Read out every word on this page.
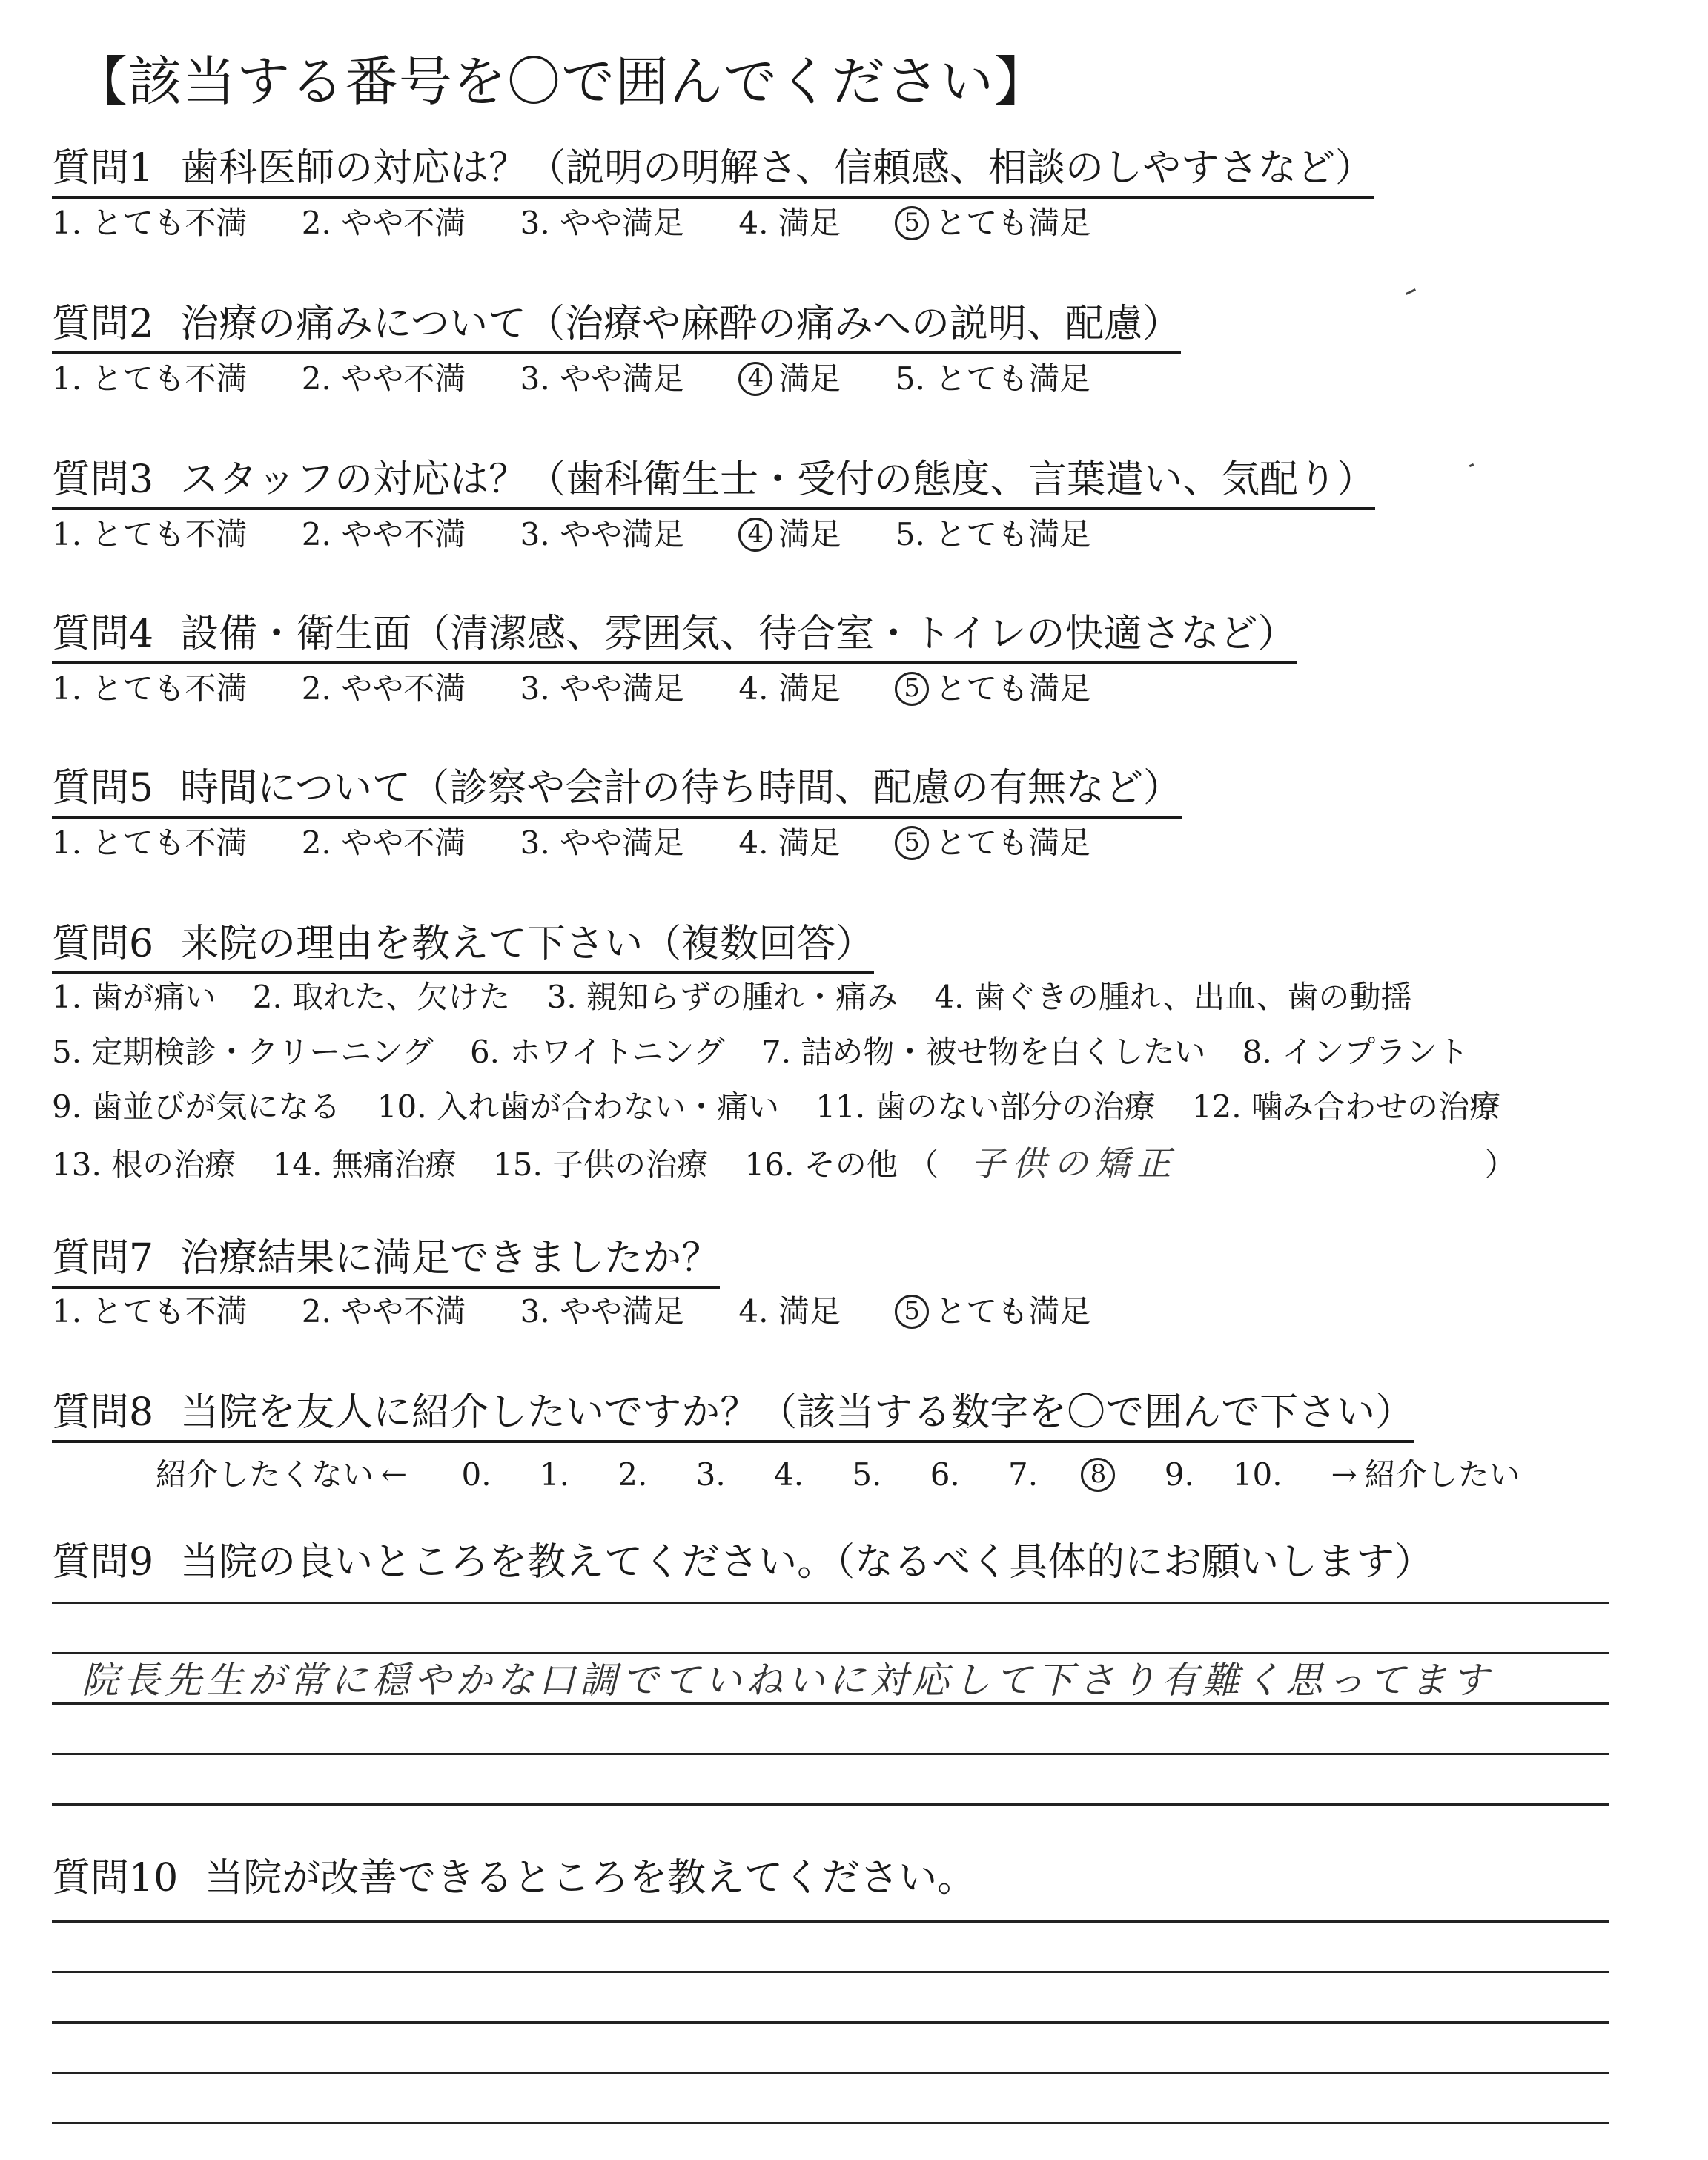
【該当する番号を〇で囲んでください】
質問1 歯科医師の対応は？（説明の明解さ、信頼感、相談のしやすさなど）
1. とても不満 2. やや不満 3. やや満足 4. 満足	5 とても満足
質問2 治療の痛みについて（治療や麻酔の痛みへの説明、配慮）
1. とても不満 2. やや不満 3. やや満足	4 満足 5. とても満足
質問3 スタッフの対応は？（歯科衛生士・受付の態度、言葉遣い、気配り）
1. とても不満 2. やや不満 3. やや満足	4 満足 5. とても満足
質問4 設備・衛生面（清潔感、雰囲気、待合室・トイレの快適さなど）
1. とても不満 2. やや不満 3. やや満足 4. 満足	5 とても満足
質問5 時間について（診察や会計の待ち時間、配慮の有無など）
1. とても不満 2. やや不満 3. やや満足 4. 満足	5 とても満足
質問6 来院の理由を教えて下さい（複数回答）
1. 歯が痛い 2. 取れた、欠けた 3. 親知らずの腫れ・痛み 4. 歯ぐきの腫れ、出血、歯の動揺
5. 定期検診・クリーニング 6. ホワイトニング 7. 詰め物・被せ物を白くしたい 8. インプラント
9. 歯並びが気になる 10. 入れ歯が合わない・痛い 11. 歯のない部分の治療 12. 噛み合わせの治療
13. 根の治療 14. 無痛治療 15. 子供の治療 16. その他 （ 子供の矯正	）
質問7 治療結果に満足できましたか？
1. とても不満 2. やや不満 3. やや満足 4. 満足	5 とても満足
質問8 当院を友人に紹介したいですか？（該当する数字を〇で囲んで下さい）
紹介したくない ← 0. 1. 2. 3. 4. 5. 6. 7. 8 9. 10. → 紹介したい
質問9 当院の良いところを教えてください。（なるべく具体的にお願いします）
院長先生が常に穏やかな口調でていねいに対応して下さり有難く思ってます
質問10 当院が改善できるところを教えてください。
